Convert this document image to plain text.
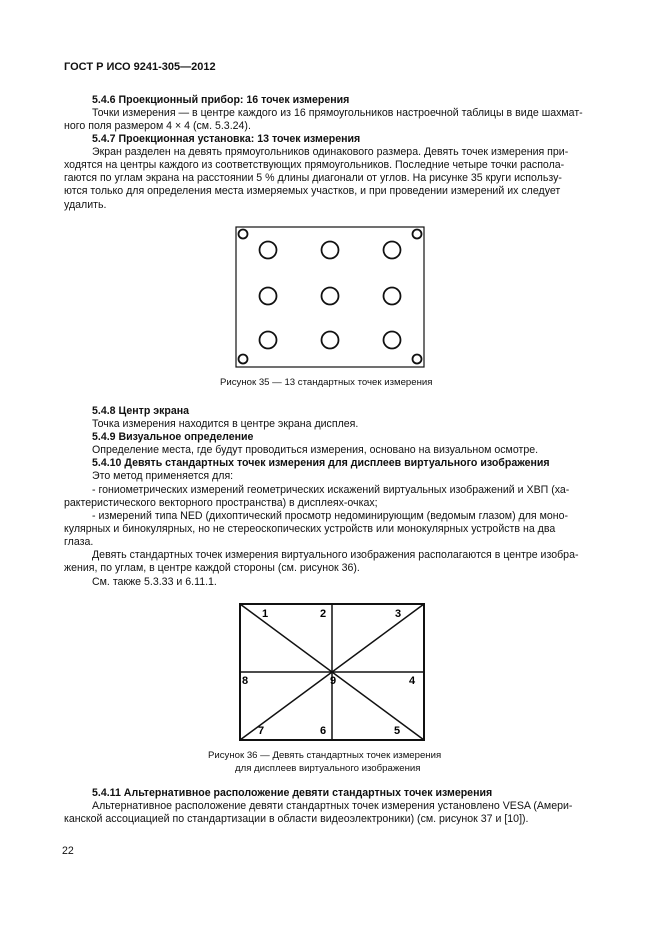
ГОСТ Р ИСО 9241-305—2012
5.4.6 Проекционный прибор: 16 точек измерения
Точки измерения — в центре каждого из 16 прямоугольников настроечной таблицы в виде шахмат-
ного поля размером 4 × 4 (см. 5.3.24).
5.4.7 Проекционная установка: 13 точек измерения
Экран разделен на девять прямоугольников одинакового размера. Девять точек измерения при-
ходятся на центры каждого из соответствующих прямоугольников. Последние четыре точки распола-
гаются по углам экрана на расстоянии 5 % длины диагонали от углов. На рисунке 35 круги использу-
ются только для определения места измеряемых участков, и при проведении измерений их следует
удалить.
Рисунок 35 — 13 стандартных точек измерения
5.4.8 Центр экрана
Точка измерения находится в центре экрана дисплея.
5.4.9 Визуальное определение
Определение места, где будут проводиться измерения, основано на визуальном осмотре.
5.4.10 Девять стандартных точек измерения для дисплеев виртуального изображения
Это метод применяется для:
- гониометрических измерений геометрических искажений виртуальных изображений и ХВП (ха-
рактеристического векторного пространства) в дисплеях-очках;
- измерений типа NED (дихоптический просмотр недоминирующим (ведомым глазом) для моно-
кулярных и бинокулярных, но не стереоскопических устройств или монокулярных устройств на два
глаза.
Девять стандартных точек измерения виртуального изображения располагаются в центре изобра-
жения, по углам, в центре каждой стороны (см. рисунок 36).
См. также 5.3.33 и 6.11.1.
1	2	3
8	9	4
7	6	5
Рисунок 36 — Девять стандартных точек измерения
для дисплеев виртуального изображения
5.4.11 Альтернативное расположение девяти стандартных точек измерения
Альтернативное расположение девяти стандартных точек измерения установлено VESA (Амери-
канской ассоциацией по стандартизации в области видеоэлектроники) (см. рисунок 37 и [10]).
22
